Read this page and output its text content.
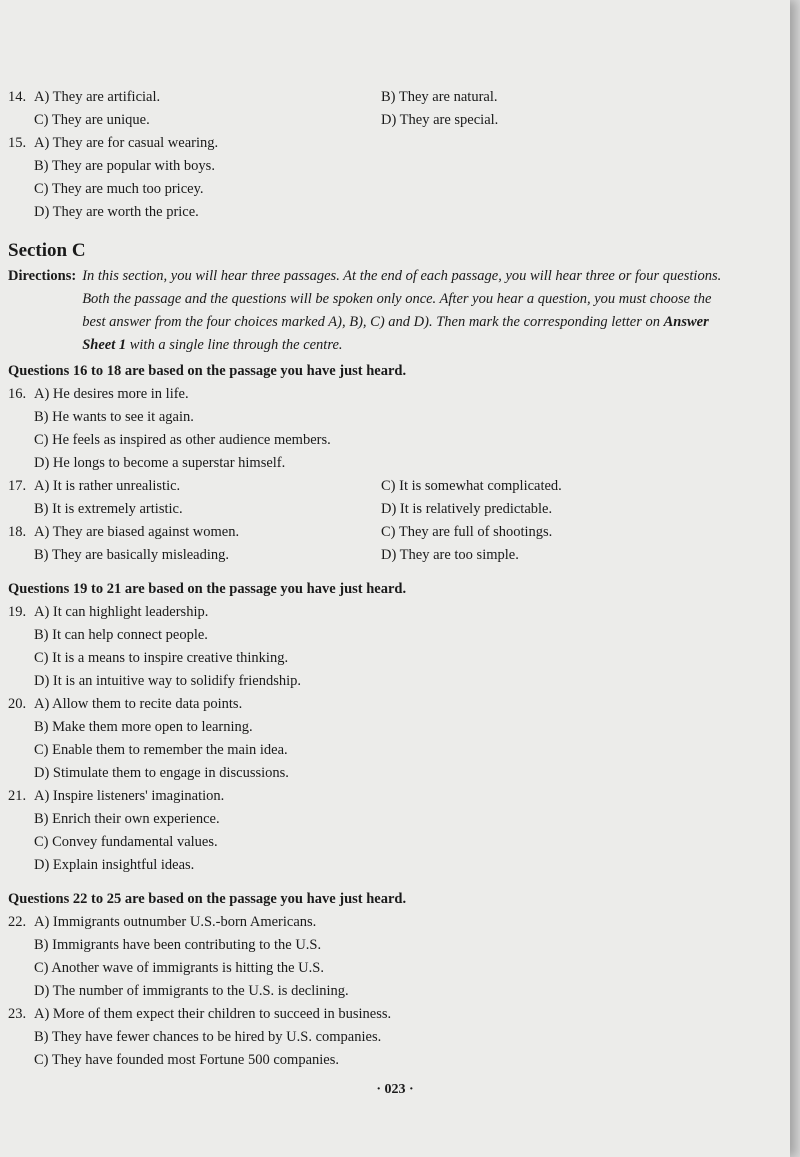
14. A) They are artificial.	B) They are natural.
C) They are unique.	D) They are special.
15. A) They are for casual wearing.
B) They are popular with boys.
C) They are much too pricey.
D) They are worth the price.
Section C
Directions: In this section, you will hear three passages. At the end of each passage, you will hear three or four questions. Both the passage and the questions will be spoken only once. After you hear a question, you must choose the best answer from the four choices marked A), B), C) and D). Then mark the corresponding letter on Answer Sheet 1 with a single line through the centre.
Questions 16 to 18 are based on the passage you have just heard.
16. A) He desires more in life.
B) He wants to see it again.
C) He feels as inspired as other audience members.
D) He longs to become a superstar himself.
17. A) It is rather unrealistic.	C) It is somewhat complicated.
B) It is extremely artistic.	D) It is relatively predictable.
18. A) They are biased against women.	C) They are full of shootings.
B) They are basically misleading.	D) They are too simple.
Questions 19 to 21 are based on the passage you have just heard.
19. A) It can highlight leadership.
B) It can help connect people.
C) It is a means to inspire creative thinking.
D) It is an intuitive way to solidify friendship.
20. A) Allow them to recite data points.
B) Make them more open to learning.
C) Enable them to remember the main idea.
D) Stimulate them to engage in discussions.
21. A) Inspire listeners' imagination.
B) Enrich their own experience.
C) Convey fundamental values.
D) Explain insightful ideas.
Questions 22 to 25 are based on the passage you have just heard.
22. A) Immigrants outnumber U.S.-born Americans.
B) Immigrants have been contributing to the U.S.
C) Another wave of immigrants is hitting the U.S.
D) The number of immigrants to the U.S. is declining.
23. A) More of them expect their children to succeed in business.
B) They have fewer chances to be hired by U.S. companies.
C) They have founded most Fortune 500 companies.
· 023 ·
